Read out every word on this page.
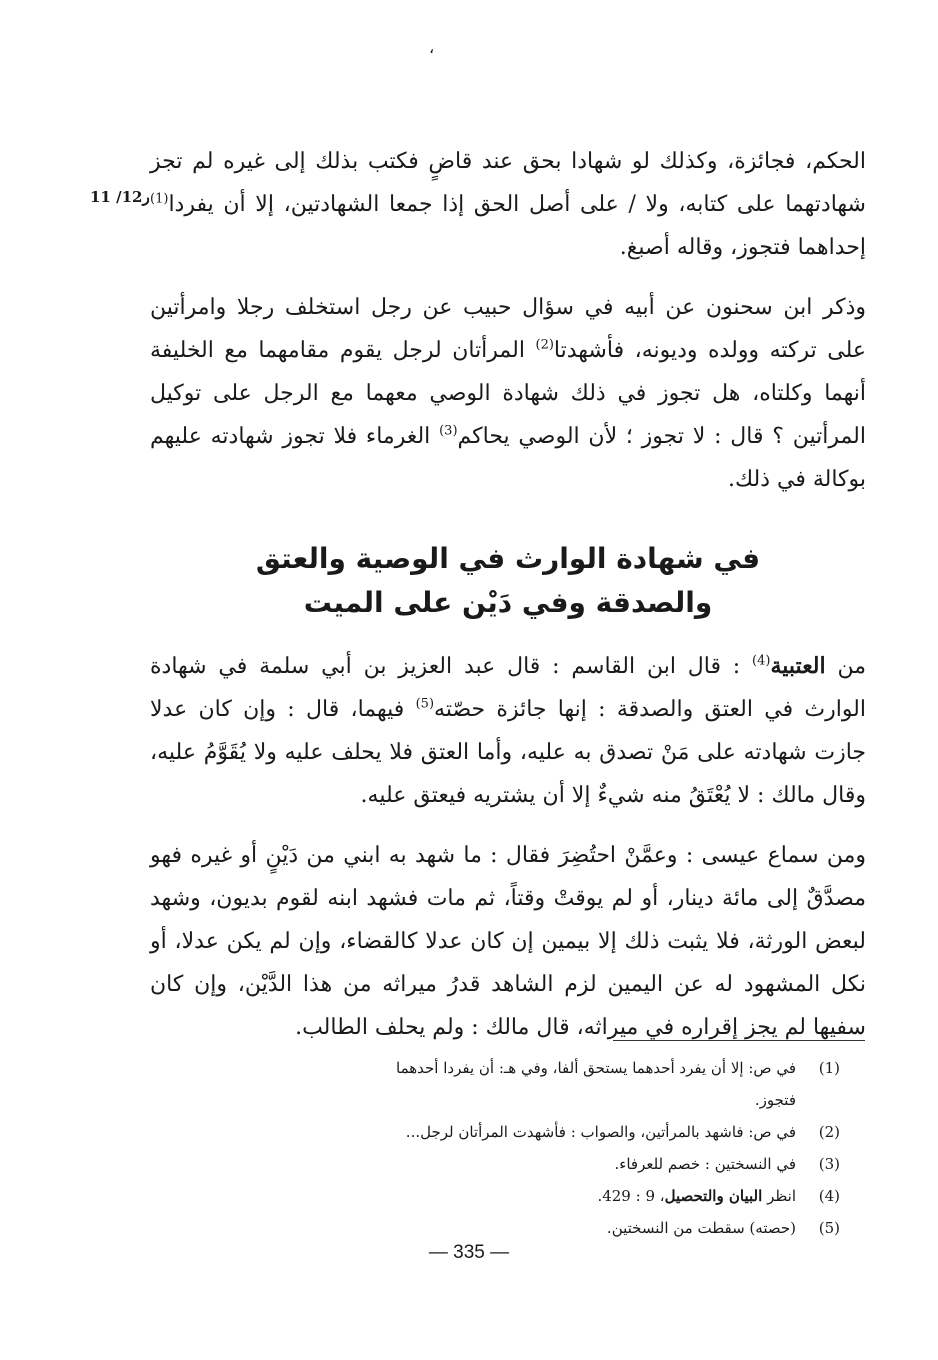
،
11 /12ر

الحكم، فجائزة، وكذلك لو شهادا بحق عند قاضٍ فكتب بذلك إلى غيره لم تجز شهادتهما على كتابه، ولا / على أصل الحق إذا جمعا الشهادتين، إلا أن يفردا$^{(1)}$ إحداهما فتجوز، وقاله أصبغ.

وذكر ابن سحنون عن أبيه في سؤال حبيب عن رجل استخلف رجلا وامرأتين على تركته وولده وديونه، فأشهدتا$^{(2)}$ المرأتان لرجل يقوم مقامهما مع الخليفة أنهما وكلتاه، هل تجوز في ذلك شهادة الوصي معهما مع الرجل على توكيل المرأتين ؟ قال : لا تجوز ؛ لأن الوصي يحاكم$^{(3)}$ الغرماء فلا تجوز شهادته عليهم بوكالة في ذلك.

في شهادة الوارث في الوصية والعتق
والصدقة وفي دَيْن على الميت

من العتبية$^{(4)}$ : قال ابن القاسم : قال عبد العزيز بن أبي سلمة في شهادة الوارث في العتق والصدقة : إنها جائزة حصّته$^{(5)}$ فيهما، قال : وإن كان عدلا جازت شهادته على مَنْ تصدق به عليه، وأما العتق فلا يحلف عليه ولا يُقَوَّمُ عليه، وقال مالك : لا يُعْتَقُ منه شيءٌ إلا أن يشتريه فيعتق عليه.

ومن سماع عيسى : وعمَّنْ احتُضِرَ فقال : ما شهد به ابني من دَيْنٍ أو غيره فهو مصدَّقٌ إلى مائة دينار، أو لم يوقتْ وقتاً، ثم مات فشهد ابنه لقوم بديون، وشهد لبعض الورثة، فلا يثبت ذلك إلا بيمين إن كان عدلا كالقضاء، وإن لم يكن عدلا، أو نكل المشهود له عن اليمين لزم الشاهد قدرُ ميراثه من هذا الدَّيْن، وإن كان سفيها لم يجز إقراره في ميراثه، قال مالك : ولم يحلف الطالب.

(1)
في ص: إلا أن يفرد أحدهما يستحق ألفا، وفي هـ: أن يفردا أحدهما فتجوز.
(2)
في ص: فاشهد بالمرأتين، والصواب : فأشهدت المرأتان لرجل...
(3)
في النسختين : خصم للعرفاء.
(4)
انظر البيان والتحصيل، 9 : 429.
(5)
(حصته) سقطت من النسختين.
— 335 —
